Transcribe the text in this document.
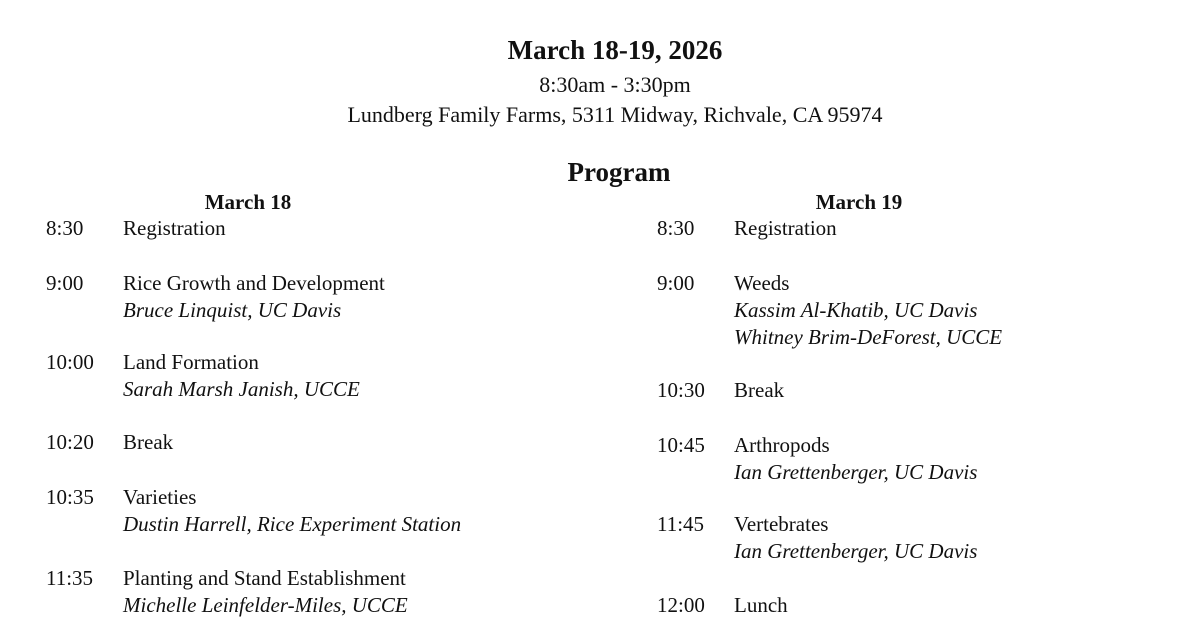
March 18-19, 2026
8:30am - 3:30pm
Lundberg Family Farms, 5311 Midway, Richvale, CA 95974
Program
March 18
8:30 Registration
9:00 Rice Growth and Development
Bruce Linquist, UC Davis
10:00 Land Formation
Sarah Marsh Janish, UCCE
10:20 Break
10:35 Varieties
Dustin Harrell, Rice Experiment Station
11:35 Planting and Stand Establishment
Michelle Leinfelder-Miles, UCCE
March 19
8:30 Registration
9:00 Weeds
Kassim Al-Khatib, UC Davis
Whitney Brim-DeForest, UCCE
10:30 Break
10:45 Arthropods
Ian Grettenberger, UC Davis
11:45 Vertebrates
Ian Grettenberger, UC Davis
12:00 Lunch
